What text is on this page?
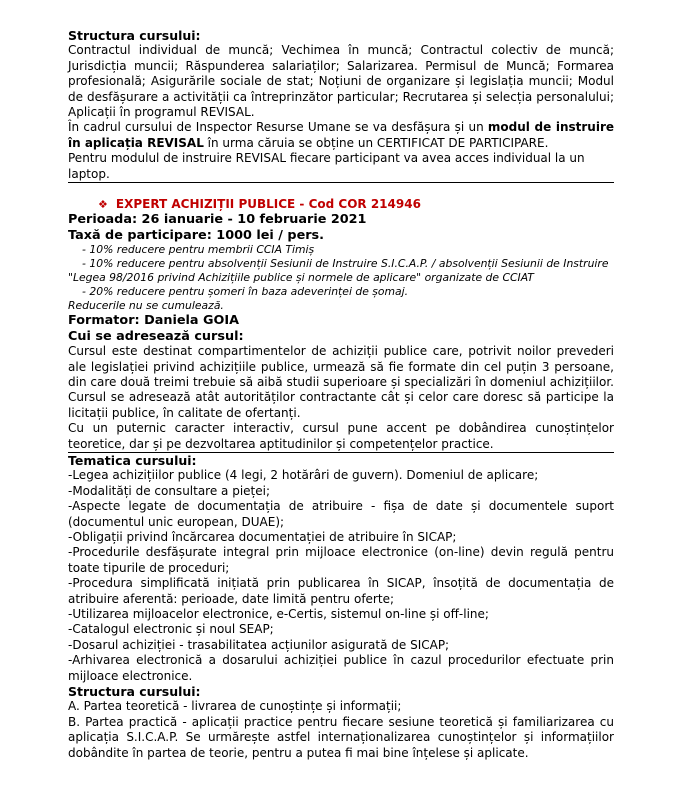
Structura cursului:
Contractul individual de muncă; Vechimea în muncă; Contractul colectiv de muncă; Jurisdicția muncii; Răspunderea salariaților; Salarizarea. Permisul de Muncă; Formarea profesională; Asigurările sociale de stat; Noțiuni de organizare și legislația muncii; Modul de desfășurare a activității ca întreprinzător particular; Recrutarea și selecția personalului; Aplicații în programul REVISAL.
În cadrul cursului de Inspector Resurse Umane se va desfășura și un modul de instruire în aplicația REVISAL în urma căruia se obține un CERTIFICAT DE PARTICIPARE.
Pentru modulul de instruire REVISAL fiecare participant va avea acces individual la un laptop.
❖ EXPERT ACHIZIȚII PUBLICE - Cod COR 214946
Perioada: 26 ianuarie - 10 februarie 2021
Taxă de participare: 1000 lei / pers.
- 10% reducere pentru membrii CCIA Timiș
- 10% reducere pentru absolvenții Sesiunii de Instruire S.I.C.A.P. / absolvenții Sesiunii de Instruire
"Legea 98/2016 privind Achizițiile publice și normele de aplicare" organizate de CCIAT
- 20% reducere pentru șomeri în baza adeverinței de șomaj.
Reducerile nu se cumulează.
Formator: Daniela GOIA
Cui se adresează cursul:
Cursul este destinat compartimentelor de achiziții publice care, potrivit noilor prevederi ale legislației privind achizițiile publice, urmează să fie formate din cel puțin 3 persoane, din care două treimi trebuie să aibă studii superioare și specializări în domeniul achizițiilor. Cursul se adresează atât autorităților contractante cât și celor care doresc să participe la licitații publice, în calitate de ofertanți.
Cu un puternic caracter interactiv, cursul pune accent pe dobândirea cunoștințelor teoretice, dar și pe dezvoltarea aptitudinilor și competențelor practice.
Tematica cursului:
-Legea achizițiilor publice (4 legi, 2 hotărâri de guvern). Domeniul de aplicare;
-Modalități de consultare a pieței;
-Aspecte legate de documentația de atribuire - fișa de date și documentele suport (documentul unic european, DUAE);
-Obligații privind încărcarea documentației de atribuire în SICAP;
-Procedurile desfășurate integral prin mijloace electronice (on-line) devin regulă pentru toate tipurile de proceduri;
-Procedura simplificată inițiată prin publicarea în SICAP, însoțită de documentația de atribuire aferentă: perioade, date limită pentru oferte;
-Utilizarea mijloacelor electronice, e-Certis, sistemul on-line și off-line;
-Catalogul electronic și noul SEAP;
-Dosarul achiziției - trasabilitatea acțiunilor asigurată de SICAP;
-Arhivarea electronică a dosarului achiziției publice în cazul procedurilor efectuate prin mijloace electronice.
Structura cursului:
A. Partea teoretică - livrarea de cunoștințe și informații;
B. Partea practică - aplicații practice pentru fiecare sesiune teoretică și familiarizarea cu aplicația S.I.C.A.P. Se urmărește astfel internaționalizarea cunoștințelor și informațiilor dobândite în partea de teorie, pentru a putea fi mai bine înțelese și aplicate.
